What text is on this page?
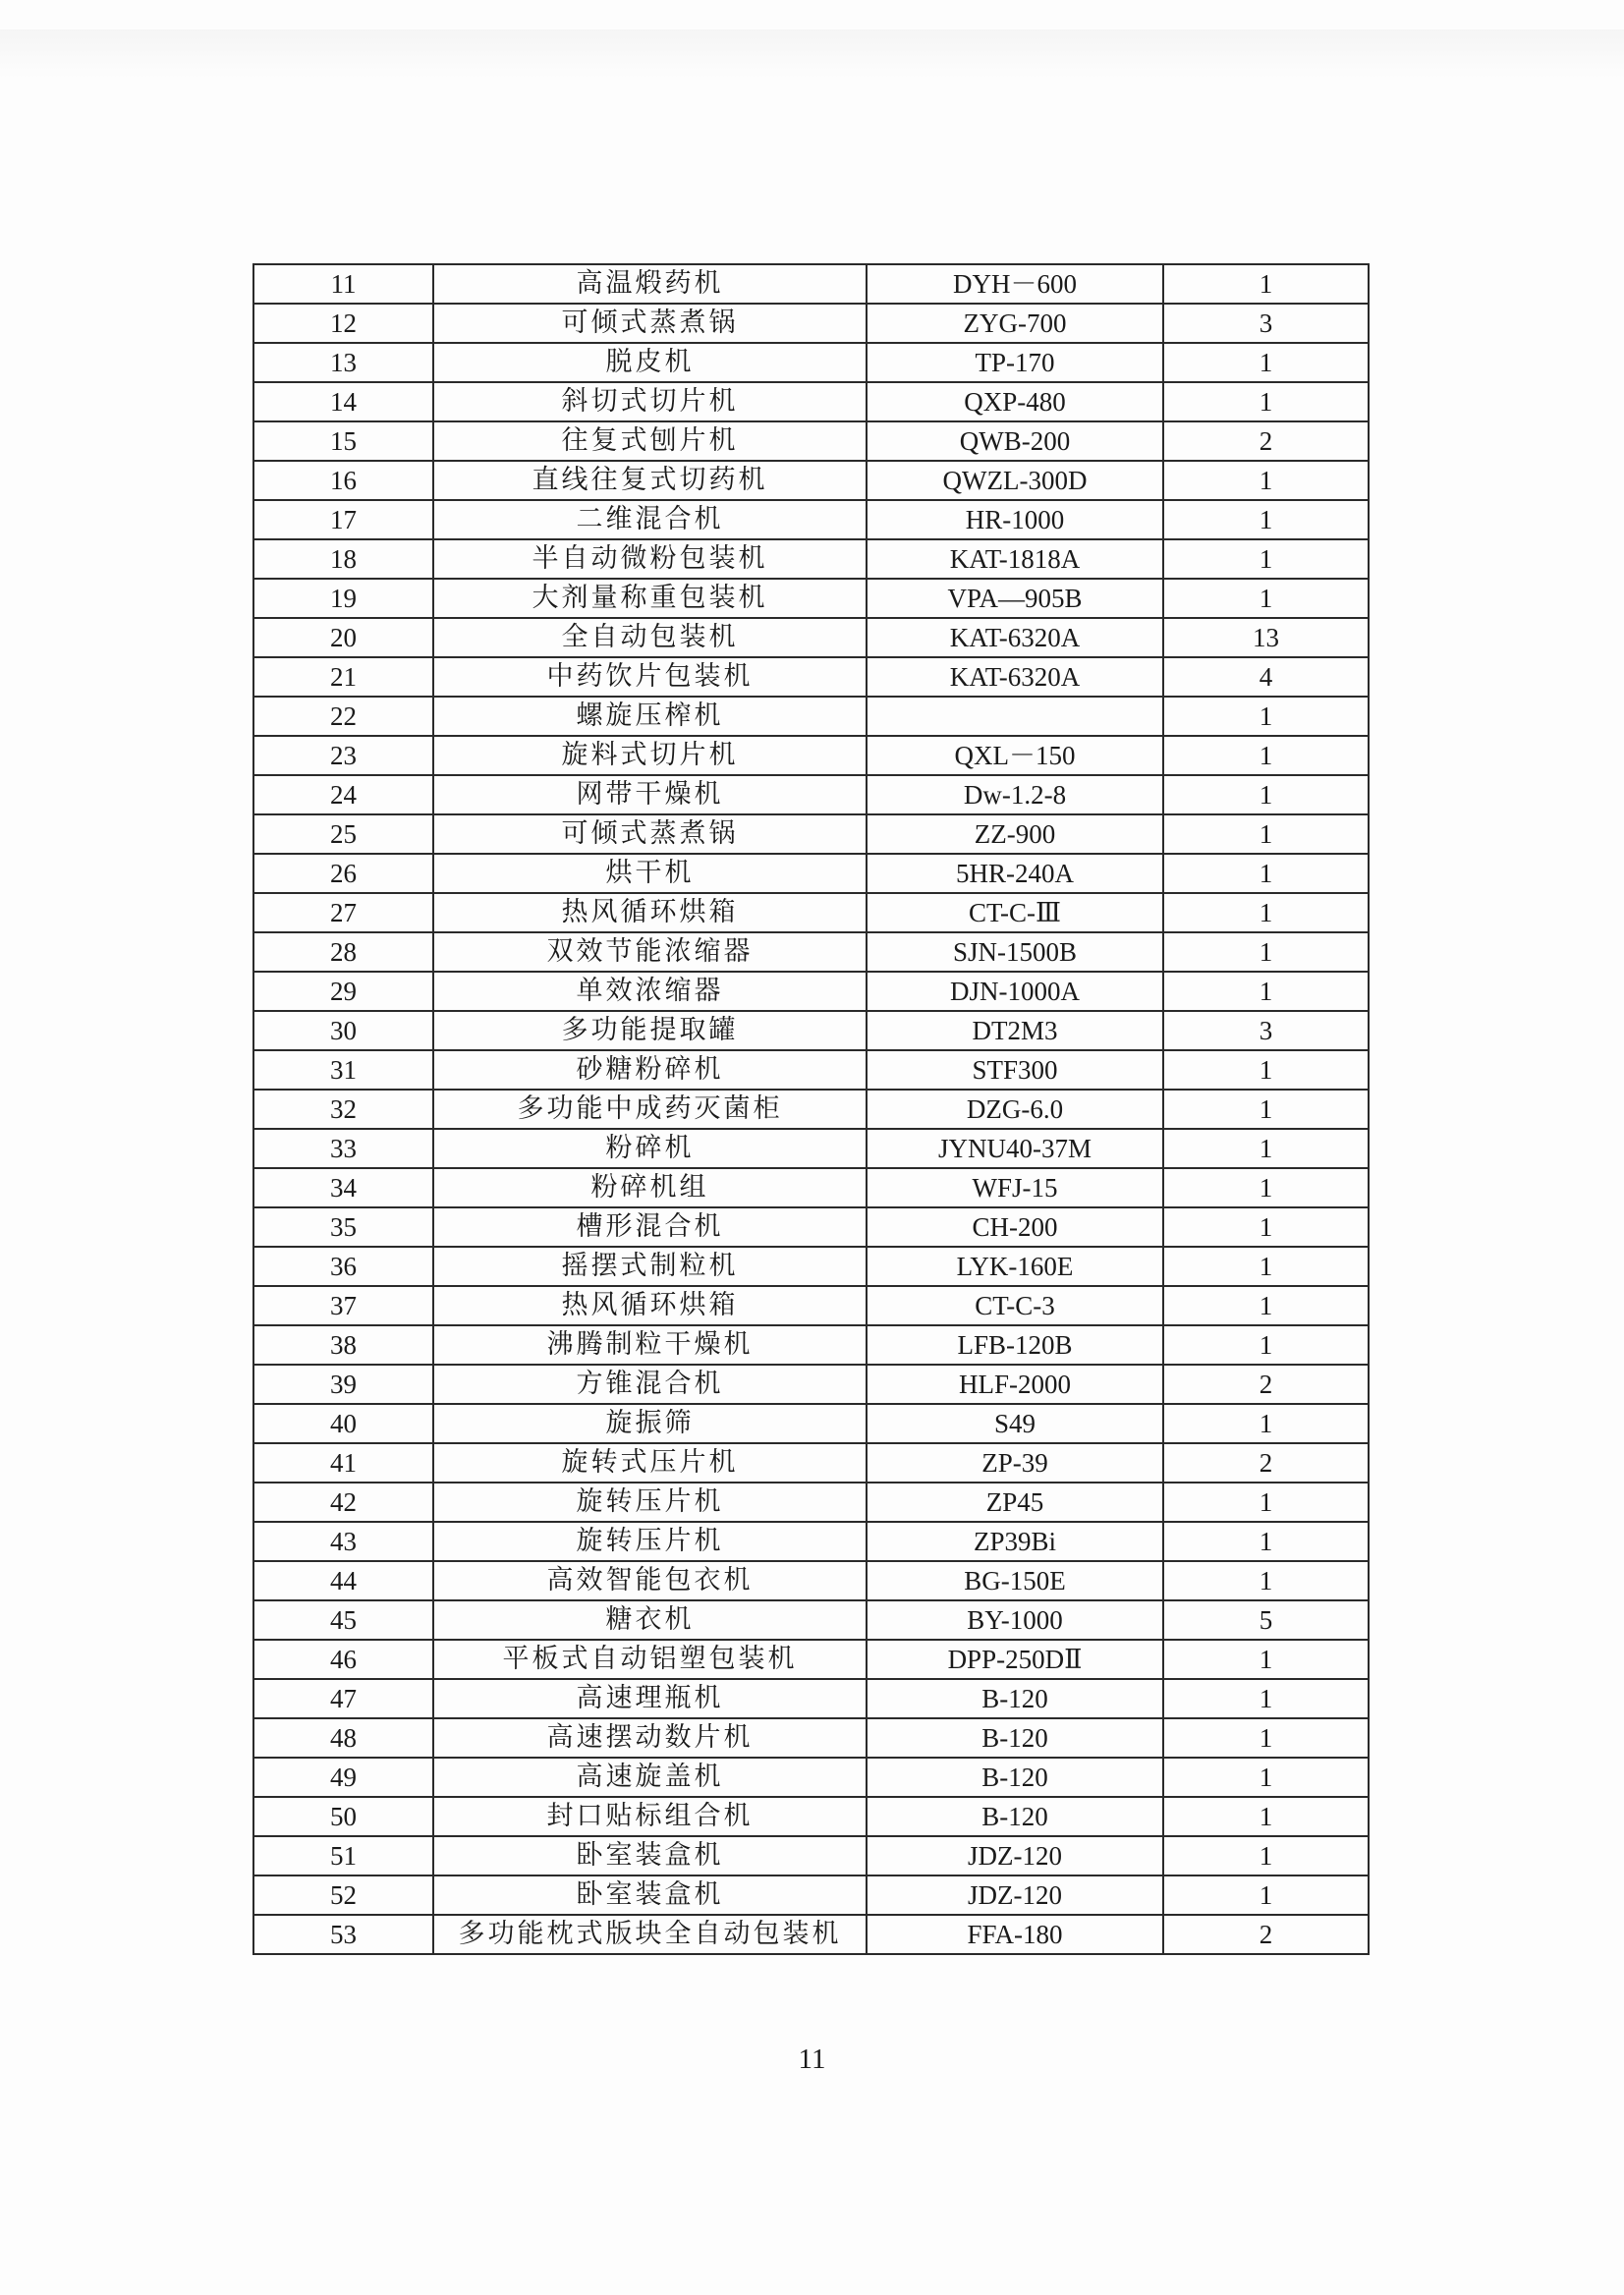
11	高温煅药机	DYH－600	1
12	可倾式蒸煮锅	ZYG-700	3
13	脱皮机	TP-170	1
14	斜切式切片机	QXP-480	1
15	往复式刨片机	QWB-200	2
16	直线往复式切药机	QWZL-300D	1
17	二维混合机	HR-1000	1
18	半自动微粉包装机	KAT-1818A	1
19	大剂量称重包装机	VPA—905B	1
20	全自动包装机	KAT-6320A	13
21	中药饮片包装机	KAT-6320A	4
22	螺旋压榨机		1
23	旋料式切片机	QXL－150	1
24	网带干燥机	Dw-1.2-8	1
25	可倾式蒸煮锅	ZZ-900	1
26	烘干机	5HR-240A	1
27	热风循环烘箱	CT-C-Ⅲ	1
28	双效节能浓缩器	SJN-1500B	1
29	单效浓缩器	DJN-1000A	1
30	多功能提取罐	DT2M3	3
31	砂糖粉碎机	STF300	1
32	多功能中成药灭菌柜	DZG-6.0	1
33	粉碎机	JYNU40-37M	1
34	粉碎机组	WFJ-15	1
35	槽形混合机	CH-200	1
36	摇摆式制粒机	LYK-160E	1
37	热风循环烘箱	CT-C-3	1
38	沸腾制粒干燥机	LFB-120B	1
39	方锥混合机	HLF-2000	2
40	旋振筛	S49	1
41	旋转式压片机	ZP-39	2
42	旋转压片机	ZP45	1
43	旋转压片机	ZP39Bi	1
44	高效智能包衣机	BG-150E	1
45	糖衣机	BY-1000	5
46	平板式自动铝塑包装机	DPP-250DⅡ	1
47	高速理瓶机	B-120	1
48	高速摆动数片机	B-120	1
49	高速旋盖机	B-120	1
50	封口贴标组合机	B-120	1
51	卧室装盒机	JDZ-120	1
52	卧室装盒机	JDZ-120	1
53	多功能枕式版块全自动包装机	FFA-180	2
11
